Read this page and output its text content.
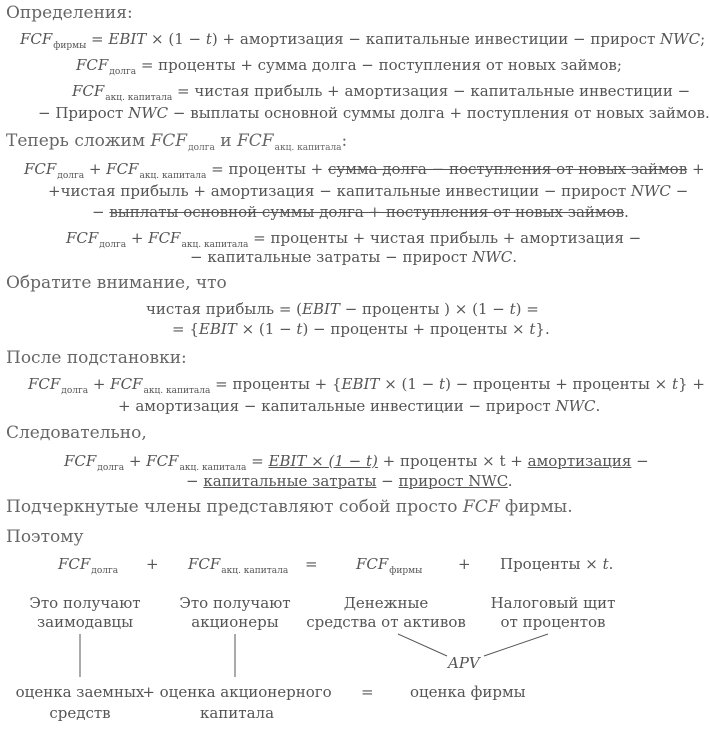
Определения:
$FCF_{фирмы}$ = EBIT × (1 − t) + амортизация − капитальные инвестиции − прирост NWC;
$FCF_{долга}$ = проценты + сумма долга − поступления от новых займов;
$FCF_{акц. капитала}$ = чистая прибыль + амортизация − капитальные инвестиции −
− Прирост NWC − выплаты основной суммы долга + поступления от новых займов.
Теперь сложим $FCF_{долга}$ и $FCF_{акц. капитала}$:
$FCF_{долга} + FCF_{акц. капитала}$ = проценты + сумма долга − поступления от новых займов +
+чистая прибыль + амортизация − капитальные инвестиции − прирост NWC −
− выплаты основной суммы долга + поступления от новых займов.
$FCF_{долга} + FCF_{акц. капитала}$ = проценты + чистая прибыль + амортизация −
− капитальные затраты − прирост NWC.
Обратите внимание, что
чистая прибыль = (EBIT − проценты ) × (1 − t) =
= {EBIT × (1 − t) − проценты + проценты × t}.
После подстановки:
$FCF_{долга} + FCF_{акц. капитала}$ = проценты + {EBIT × (1 − t) − проценты + проценты × t} +
+ амортизация − капитальные инвестиции − прирост NWC.
Следовательно,
$FCF_{долга} + FCF_{акц. капитала}$ = EBIT × (1 − t) + проценты × t + амортизация −
− капитальные затраты − прирост NWC.
Подчеркнутые члены представляют собой просто FCF фирмы.
Поэтому
$FCF_{долга} + FCF_{акц. капитала}$ =	$FCF_{фирмы}$ + Проценты × t.
Это получают
заимодавцы
Это получают
акционеры
Денежные
средства от активов
Налоговый щит
от процентов
APV
оценка заемных
средств
+ оценка акционерного
капитала
= оценка фирмы
